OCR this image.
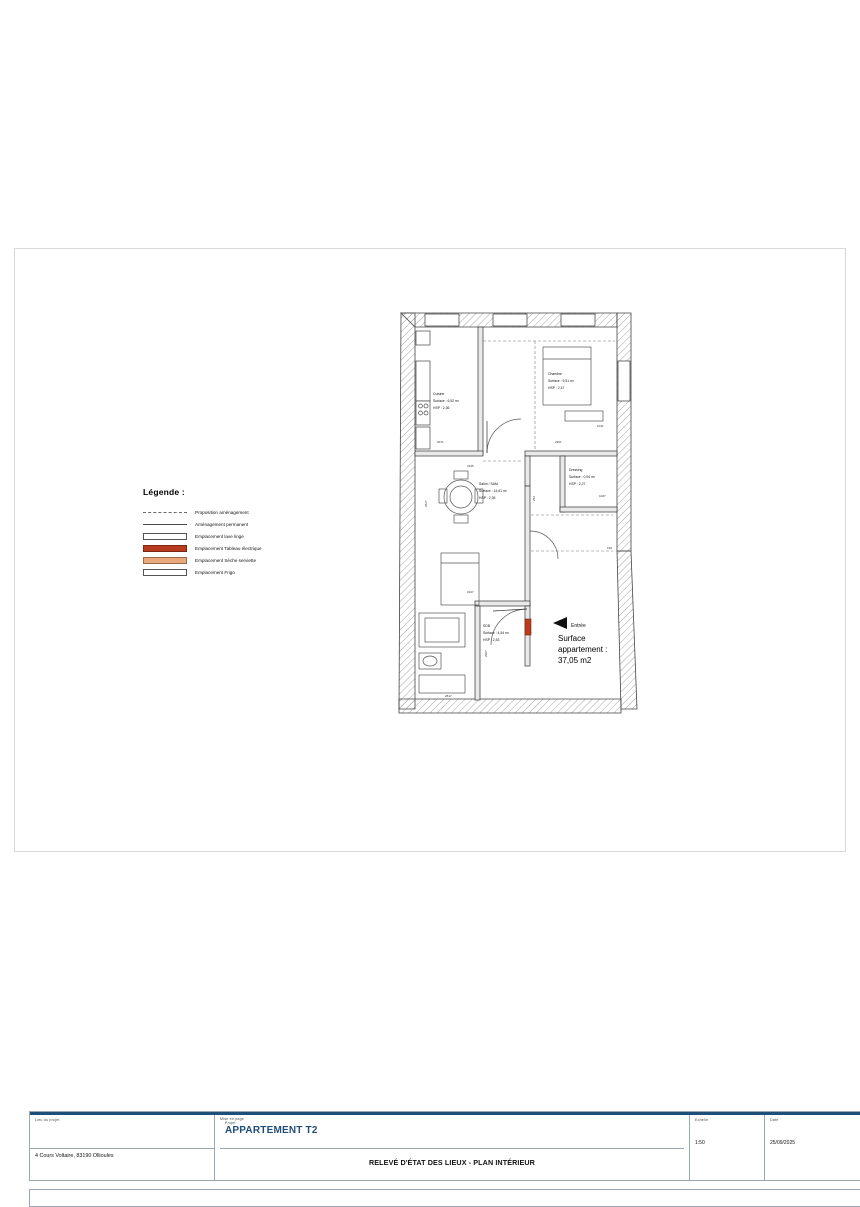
Légende :
Proposition aménagement
Aménagement permanent
Emplacement lave linge
Emplacement Tableau électrique
Emplacement Sèche serviette
Emplacement Frigo
Entrée
Cuisine
Surface : 6,52 m²
HSP : 2,36
Chambre
Surface : 9,51 m²
HSP : 2,47
Salon / SAM
Surface : 14,61 m²
HSP : 2,35
Dressing
Surface : 0,94 m²
HSP : 2,27
SDB
Surface : 4,54 m²
HSP : 2,53
2071	2301
1031
4135
252
2527
3247
1007
2817
2907
190
Surface
appartement :
37,05 m2
Lieu du projet
4 Cours Voltaire, 83190 Ollioules
Projet
APPARTEMENT T2
Mise en page
RELEVÉ D'ÉTAT DES LIEUX - PLAN INTÉRIEUR
Echelle
1:50
Date
25/09/2025
